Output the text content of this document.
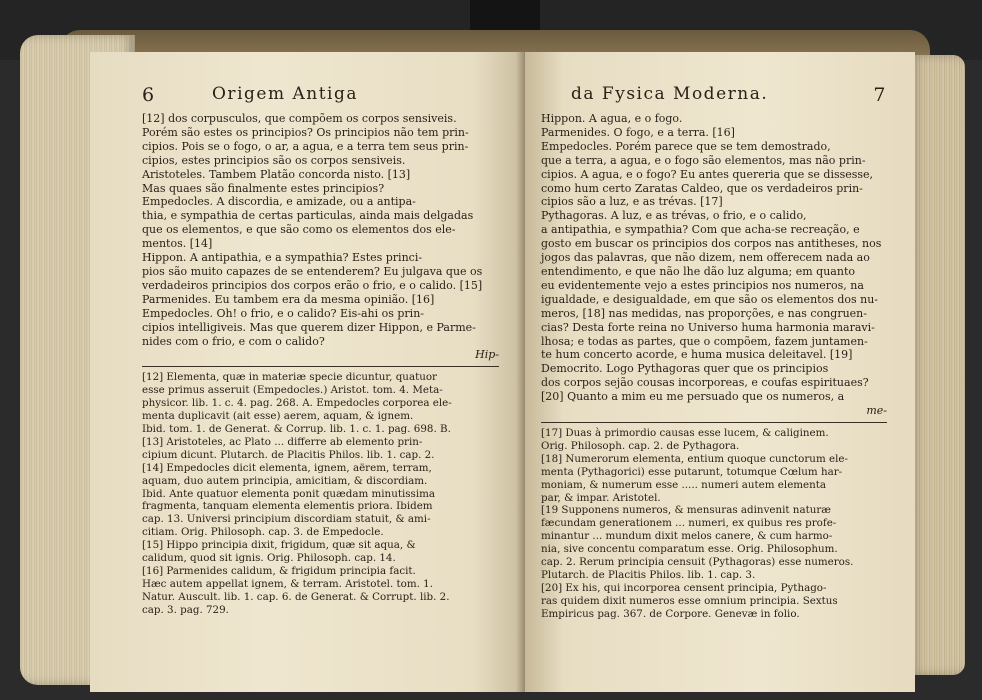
6	Origem Antiga

[12] dos corpusculos, que compõem os corpos sensiveis.

Porém são estes os principios? Os principios não tem prin-

cipios. Pois se o fogo, o ar, a agua, e a terra tem seus prin-

cipios, estes principios são os corpos sensiveis.

Aristoteles. Tambem Platão concorda nisto. [13]

Mas quaes são finalmente estes principios?

Empedocles. A discordia, e amizade, ou a antipa-

thia, e sympathia de certas particulas, ainda mais delgadas

que os elementos, e que são como os elementos dos ele-

mentos. [14]

Hippon. A antipathia, e a sympathia? Estes princi-

pios são muito capazes de se entenderem? Eu julgava que os

verdadeiros principios dos corpos erão o frio, e o calido. [15]

Parmenides. Eu tambem era da mesma opinião. [16]

Empedocles. Oh! o frio, e o calido? Eis-ahi os prin-

cipios intelligiveis. Mas que querem dizer Hippon, e Parme-

nides com o frio, e com o calido?

Hip-

[12] Elementa, quæ in materiæ specie dicuntur, quatuor

esse primus asseruit (Empedocles.) Aristot. tom. 4. Meta-

physicor. lib. 1. c. 4. pag. 268. A. Empedocles corporea ele-

menta duplicavit (ait esse) aerem, aquam, & ignem.

Ibid. tom. 1. de Generat. & Corrup. lib. 1. c. 1. pag. 698. B.

[13] Aristoteles, ac Plato ... differre ab elemento prin-

cipium dicunt. Plutarch. de Placitis Philos. lib. 1. cap. 2.

[14] Empedocles dicit elementa, ignem, aërem, terram,

aquam, duo autem principia, amicitiam, & discordiam.

Ibid. Ante quatuor elementa ponit quædam minutissima

fragmenta, tanquam elementa elementis priora. Ibidem

cap. 13. Universi principium discordiam statuit, & ami-

citiam. Orig. Philosoph. cap. 3. de Empedocle.

[15] Hippo principia dixit, frigidum, quæ sit aqua, &

calidum, quod sit ignis. Orig. Philosoph. cap. 14.

[16] Parmenides calidum, & frigidum principia facit.

Hæc autem appellat ignem, & terram. Aristotel. tom. 1.

Natur. Auscult. lib. 1. cap. 6. de Generat. & Corrupt. lib. 2.

cap. 3. pag. 729.

da Fysica Moderna.	7

Hippon. A agua, e o fogo.

Parmenides. O fogo, e a terra. [16]

Empedocles. Porém parece que se tem demostrado,

que a terra, a agua, e o fogo são elementos, mas não prin-

cipios. A agua, e o fogo? Eu antes quereria que se dissesse,

como hum certo Zaratas Caldeo, que os verdadeiros prin-

cipios são a luz, e as trévas. [17]

Pythagoras. A luz, e as trévas, o frio, e o calido,

a antipathia, e sympathia? Com que acha-se recreação, e

gosto em buscar os principios dos corpos nas antitheses, nos

jogos das palavras, que não dizem, nem offerecem nada ao

entendimento, e que não lhe dão luz alguma; em quanto

eu evidentemente vejo a estes principios nos numeros, na

igualdade, e desigualdade, em que são os elementos dos nu-

meros, [18] nas medidas, nas proporções, e nas congruen-

cias? Desta forte reina no Universo huma harmonia maravi-

lhosa; e todas as partes, que o compõem, fazem juntamen-

te hum concerto acorde, e huma musica deleitavel. [19]

Democrito. Logo Pythagoras quer que os principios

dos corpos sejão cousas incorporeas, e coufas espirituaes?

[20] Quanto a mim eu me persuado que os numeros, a

me-

[17] Duas à primordio causas esse lucem, & caliginem.

Orig. Philosoph. cap. 2. de Pythagora.

[18] Numerorum elementa, entium quoque cunctorum ele-

menta (Pythagorici) esse putarunt, totumque Cœlum har-

moniam, & numerum esse ..... numeri autem elementa

par, & impar. Aristotel.

[19 Supponens numeros, & mensuras adinvenit naturæ

fæcundam generationem ... numeri, ex quibus res profe-

minantur ... mundum dixit melos canere, & cum harmo-

nia, sive concentu comparatum esse. Orig. Philosophum.

cap. 2. Rerum principia censuit (Pythagoras) esse numeros.

Plutarch. de Placitis Philos. lib. 1. cap. 3.

[20] Ex his, qui incorporea censent principia, Pythago-

ras quidem dixit numeros esse omnium principia. Sextus

Empiricus pag. 367. de Corpore. Genevæ in folio.
